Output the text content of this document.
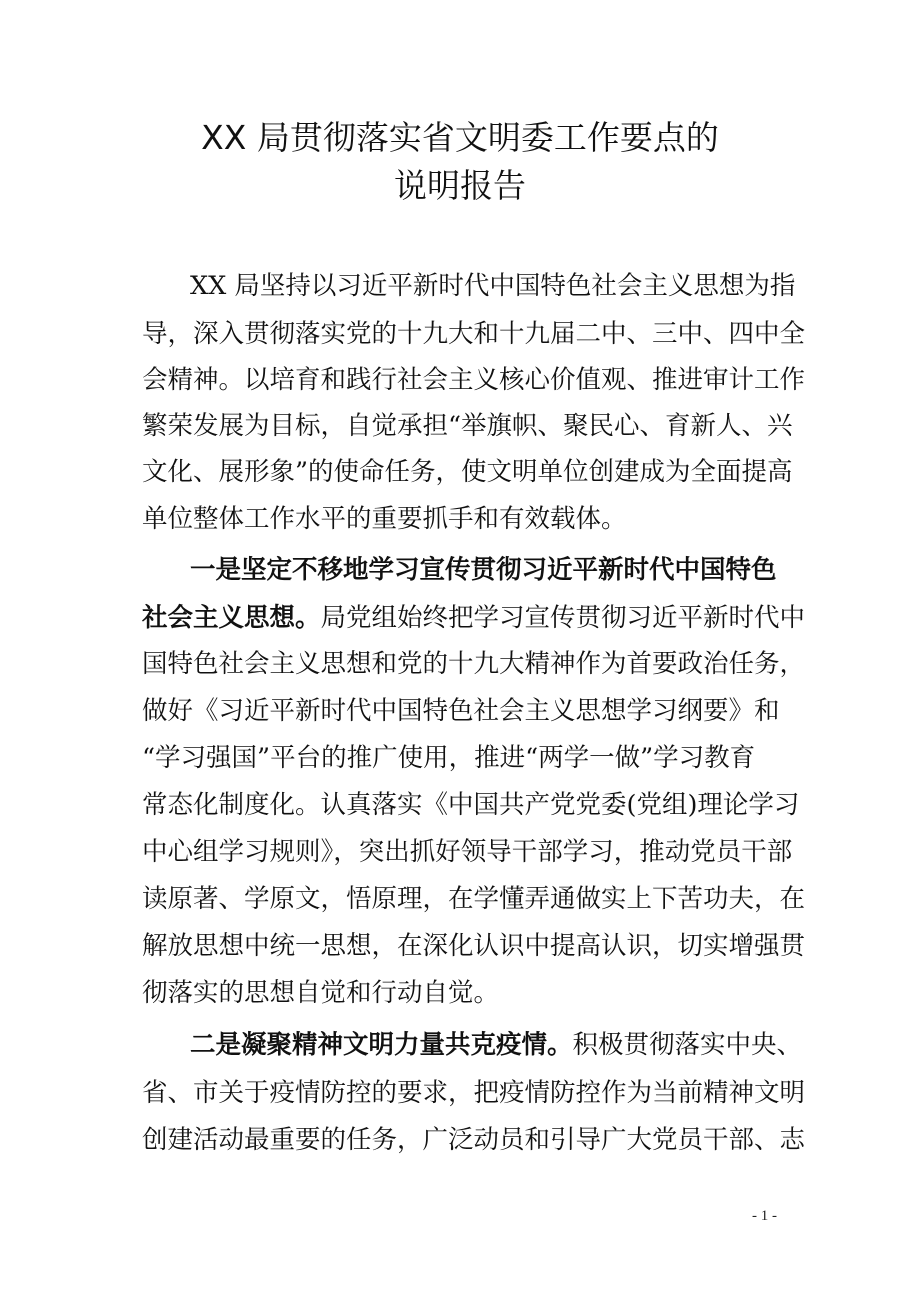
XX 局贯彻落实省文明委工作要点的
说明报告
XX 局坚持以习近平新时代中国特色社会主义思想为指
导，深入贯彻落实党的十九大和十九届二中、三中、四中全
会精神。以培育和践行社会主义核心价值观、推进审计工作
繁荣发展为目标，自觉承担“举旗帜、聚民心、育新人、兴
文化、展形象”的使命任务，使文明单位创建成为全面提高
单位整体工作水平的重要抓手和有效载体。
一是坚定不移地学习宣传贯彻习近平新时代中国特色
社会主义思想。局党组始终把学习宣传贯彻习近平新时代中
国特色社会主义思想和党的十九大精神作为首要政治任务，
做好《习近平新时代中国特色社会主义思想学习纲要》和
“学习强国”平台的推广使用，推进“两学一做”学习教育
常态化制度化。认真落实《中国共产党党委(党组)理论学习
中心组学习规则》，突出抓好领导干部学习，推动党员干部
读原著、学原文，悟原理，在学懂弄通做实上下苦功夫，在
解放思想中统一思想，在深化认识中提高认识，切实增强贯
彻落实的思想自觉和行动自觉。
二是凝聚精神文明力量共克疫情。积极贯彻落实中央、
省、市关于疫情防控的要求，把疫情防控作为当前精神文明
创建活动最重要的任务，广泛动员和引导广大党员干部、志
- 1 -
